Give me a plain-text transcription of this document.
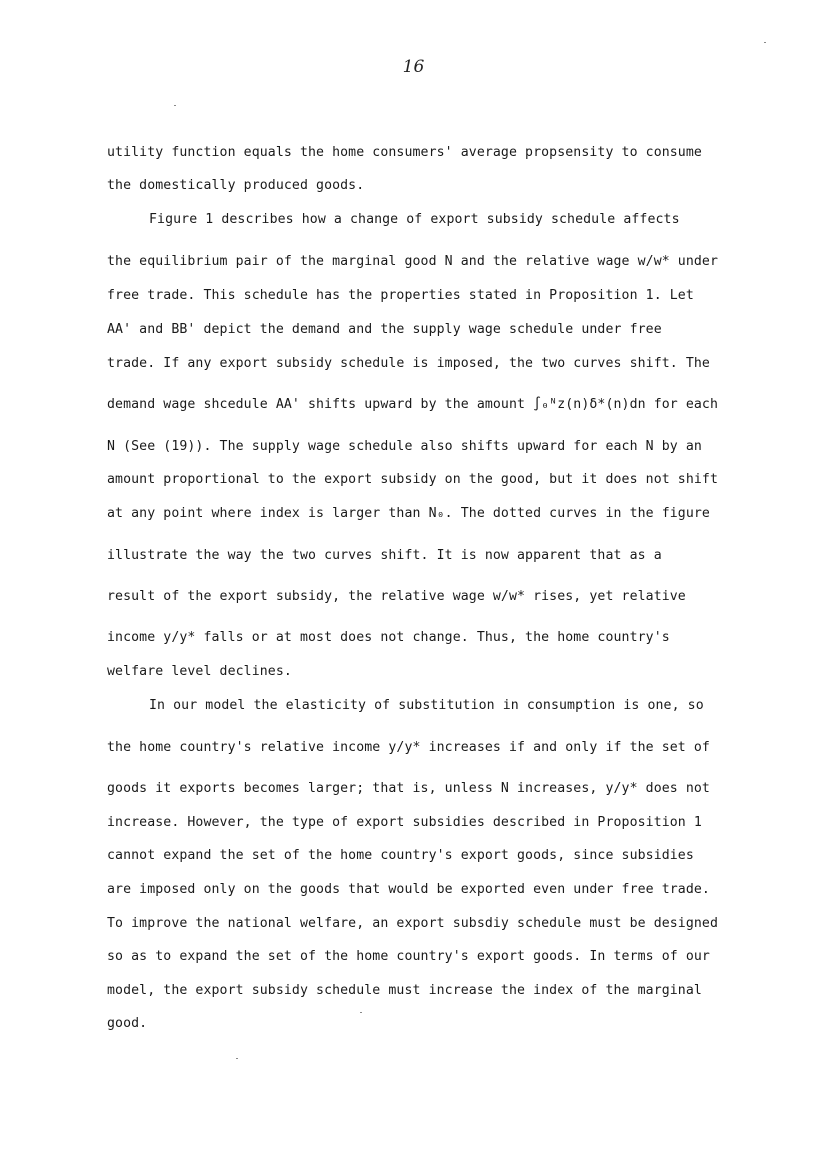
16
utility function equals the home consumers' average propsensity to consume
the domestically produced goods.
Figure 1 describes how a change of export subsidy schedule affects
the equilibrium pair of the marginal good N and the relative wage w/w* under
free trade. This schedule has the properties stated in Proposition 1. Let
AA' and BB' depict the demand and the supply wage schedule under free
trade. If any export subsidy schedule is imposed, the two curves shift. The
demand wage shcedule AA' shifts upward by the amount ∫₀ᴺz(n)δ*(n)dn for each
N (See (19)). The supply wage schedule also shifts upward for each N by an
amount proportional to the export subsidy on the good, but it does not shift
at any point where index is larger than N₀. The dotted curves in the figure
illustrate the way the two curves shift. It is now apparent that as a
result of the export subsidy, the relative wage w/w* rises, yet relative
income y/y* falls or at most does not change. Thus, the home country's
welfare level declines.
In our model the elasticity of substitution in consumption is one, so
the home country's relative income y/y* increases if and only if the set of
goods it exports becomes larger; that is, unless N increases, y/y* does not
increase. However, the type of export subsidies described in Proposition 1
cannot expand the set of the home country's export goods, since subsidies
are imposed only on the goods that would be exported even under free trade.
To improve the national welfare, an export subsdiy schedule must be designed
so as to expand the set of the home country's export goods. In terms of our
model, the export subsidy schedule must increase the index of the marginal
good.
